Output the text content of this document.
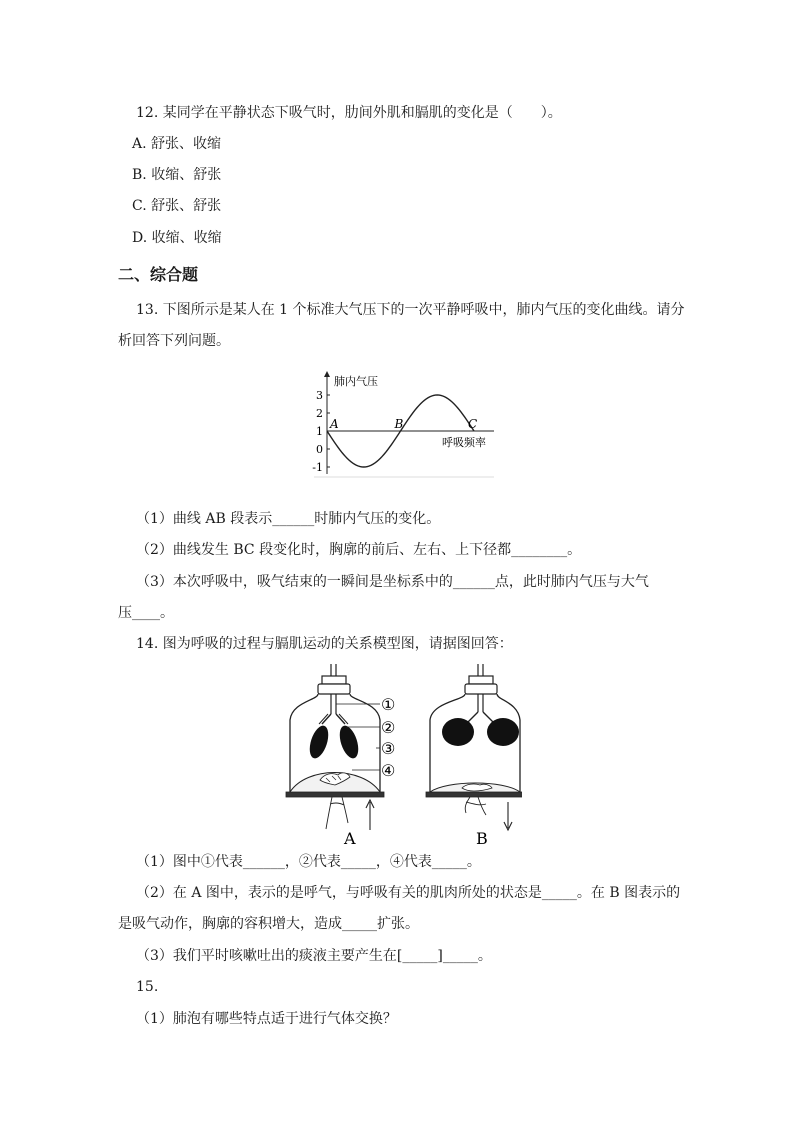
12. 某同学在平静状态下吸气时，肋间外肌和膈肌的变化是（　　）。
A. 舒张、收缩
B. 收缩、舒张
C. 舒张、舒张
D. 收缩、收缩
二、综合题
13. 下图所示是某人在 1 个标准大气压下的一次平静呼吸中，肺内气压的变化曲线。请分
析回答下列问题。
3
2
1
0
-1
肺内气压
呼吸频率
A	B	C
（1）曲线 AB 段表示______时肺内气压的变化。
（2）曲线发生 BC 段变化时，胸廓的前后、左右、上下径都________。
（3）本次呼吸中，吸气结束的一瞬间是坐标系中的______点，此时肺内气压与大气
压____。
14. 图为呼吸的过程与膈肌运动的关系模型图，请据图回答：
①
②
③
④
A	B
（1）图中①代表______，②代表_____，④代表_____。
（2）在 A 图中，表示的是呼气，与呼吸有关的肌肉所处的状态是_____。在 B 图表示的
是吸气动作，胸廓的容积增大，造成_____扩张。
（3）我们平时咳嗽吐出的痰液主要产生在[_____]_____。
15.
（1）肺泡有哪些特点适于进行气体交换？
